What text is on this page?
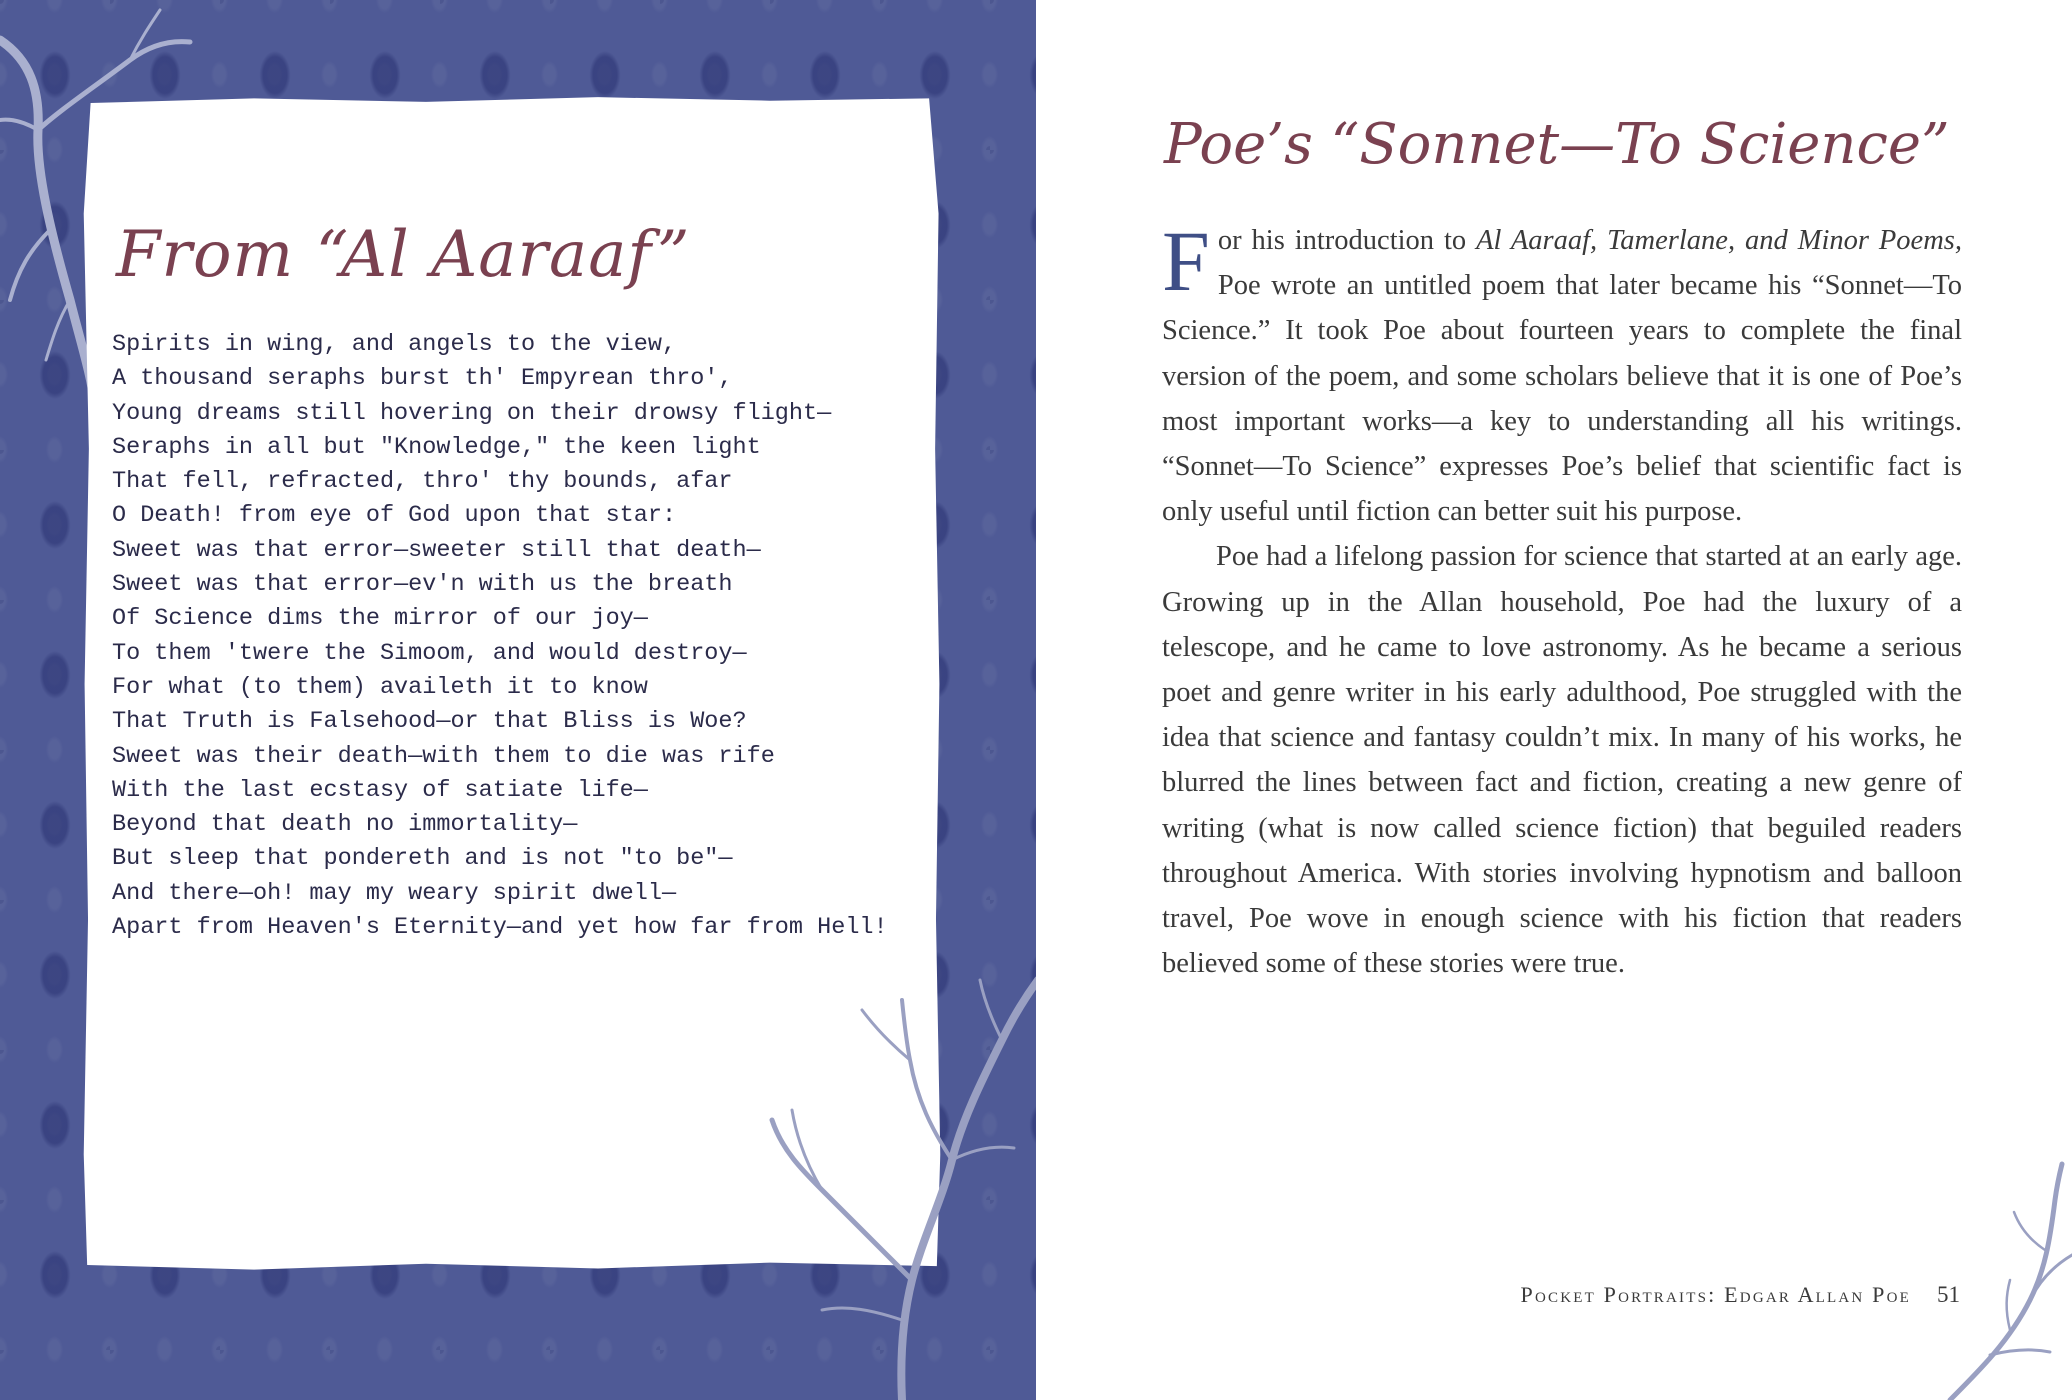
From “Al Aaraaf”
Spirits in wing, and angels to the view,
A thousand seraphs burst th' Empyrean thro',
Young dreams still hovering on their drowsy flight—
Seraphs in all but "Knowledge," the keen light
That fell, refracted, thro' thy bounds, afar
O Death! from eye of God upon that star:
Sweet was that error—sweeter still that death—
Sweet was that error—ev'n with us the breath
Of Science dims the mirror of our joy—
To them 'twere the Simoom, and would destroy—
For what (to them) availeth it to know
That Truth is Falsehood—or that Bliss is Woe?
Sweet was their death—with them to die was rife
With the last ecstasy of satiate life—
Beyond that death no immortality—
But sleep that pondereth and is not "to be"—
And there—oh! may my weary spirit dwell—
Apart from Heaven's Eternity—and yet how far from Hell!
Poe’s “Sonnet—To Science”

For his introduction to Al Aaraaf, Tamerlane, and Minor Poems, Poe wrote an untitled poem that later became his “Sonnet—To Science.” It took Poe about fourteen years to complete the final version of the poem, and some scholars believe that it is one of Poe’s most important works—a key to understanding all his writings. “Sonnet—To Science” expresses Poe’s belief that scientific fact is only useful until fiction can better suit his purpose.

Poe had a lifelong passion for science that started at an early age. Growing up in the Allan household, Poe had the luxury of a telescope, and he came to love astronomy. As he became a serious poet and genre writer in his early adulthood, Poe struggled with the idea that science and fantasy couldn’t mix. In many of his works, he blurred the lines between fact and fiction, creating a new genre of writing (what is now called science fiction) that beguiled readers throughout America. With stories involving hypnotism and balloon travel, Poe wove in enough science with his fiction that readers believed some of these stories were true.

Pocket Portraits: Edgar Allan Poe 51
